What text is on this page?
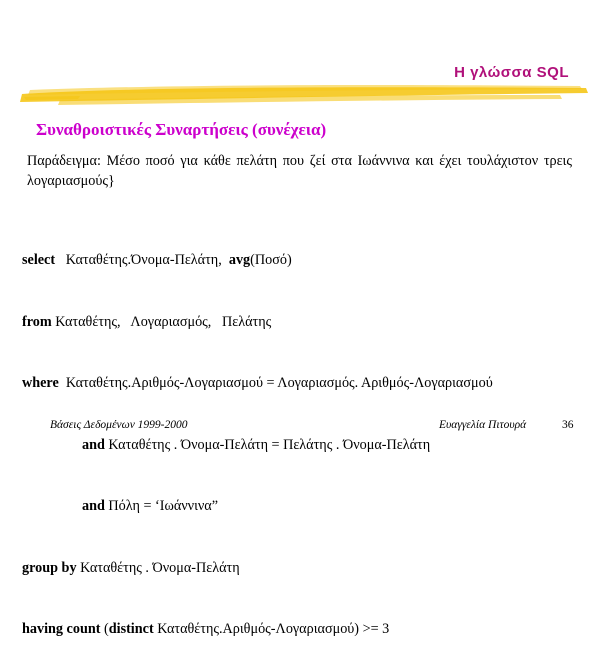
Η γλώσσα SQL
Συναθροιστικές Συναρτήσεις (συνέχεια)
Παράδειγμα: Μέσο ποσό για κάθε πελάτη που ζεί στα Ιωάννινα και έχει τουλάχιστον τρεις λογαριασμούς}

select Καταθέτης.Όνομα-Πελάτη, avg(Ποσό)

from Καταθέτης,   Λογαριασμός,   Πελάτης

where Καταθέτης.Αριθμός-Λογαριασμού = Λογαριασμός. Αριθμός-Λογαριασμού

and Καταθέτης . Όνομα-Πελάτη = Πελάτης . Όνομα-Πελάτη

and Πόλη = ‘Ιωάννινα”

group by Καταθέτης . Όνομα-Πελάτη

having count (distinct Καταθέτης.Αριθμός-Λογαριασμού) >= 3

Βάσεις Δεδομένων 1999-2000	Ευαγγελία Πιτουρά	36
